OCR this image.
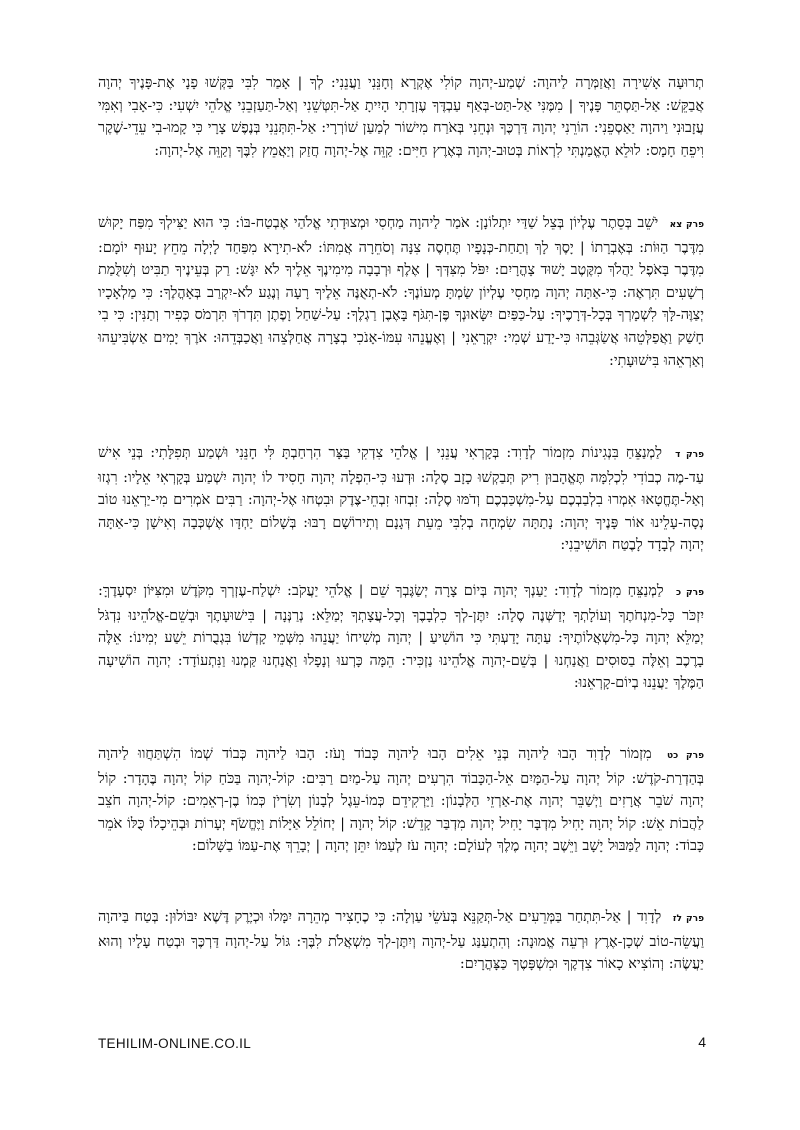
תְרוּעָה אָשִׁירָה וַאֲזַמְּרָה לַיהוָה: שְׁמַע-יְהוָה קוֹלִי אֶקְרָא וְחָנֵּנִי וַעֲנֵנִי: לְךָ | אָמַר לִבִּי בַּקְּשׁוּ פָנָי אֶת-פָּנֶיךָ יְהוָה אֲבַקֵּשׁ: אַל-תַּסְתֵּר פָּנֶיךָ | מִמֶּנִּי אַל-תַּט-בְּאַף עַבְדֶּךָ עֶזְרָתִי הָיִיתָ אַל-תִּטְּשֵׁנִי וְאַל-תַּעַזְבֵנִי אֱלֹהֵי יִשְׁעִי: כִּי-אָבִי וְאִמִּי עֲזָבוּנִי וַיהוָה יַאַסְפֵנִי: הוֹרֵנִי יְהוָה דַּרְכֶּךָ וּנְחֵנִי בְּאֹרַח מִישׁוֹר לְמַעַן שׁוֹרְרָי: אַל-תִּתְּנֵנִי בְּנֶפֶשׁ צָרָי כִּי קָמוּ-בִי עֵדֵי-שֶׁקֶר וִיפֵחַ חָמָס: לוּלֵא הֶאֱמַנְתִּי לִרְאוֹת בְּטוּב-יְהוָה בְּאֶרֶץ חַיִּים: קַוֵּה אֶל-יְהוָה חֲזַק וְיַאֲמֵץ לִבֶּךָ וְקַוֵּה אֶל-יְהוָה:
פרק צא יֹשֵׁב בְּסֵתֶר עֶלְיוֹן בְּצֵל שַׁדַּי יִתְלוֹנָן: אֹמַר לַיהוָה מַחְסִי וּמְצוּדָתִי אֱלֹהַי אֶבְטַח-בּוֹ: כִּי הוּא יַצִּילְךָ מִפַּח יָקוּשׁ מִדֶּבֶר הַוּוֹת: בְּאֶבְרָתוֹ | יָסֶךְ לָךְ וְתַחַת-כְּנָפָיו תֶּחְסֶה צִנָּה וְסֹחֵרָה אֲמִתּוֹ: לֹא-תִירָא מִפַּחַד לָיְלָה מֵחֵץ יָעוּף יוֹמָם: מִדֶּבֶר בָּאֹפֶל יַהֲלֹךְ מִקֶּטֶב יָשׁוּד צָהֳרָיִם: יִפֹּל מִצִּדְּךָ | אֶלֶף וּרְבָבָה מִימִינֶךָ אֵלֶיךָ לֹא יִגָּשׁ: רַק בְּעֵינֶיךָ תַבִּיט וְשִׁלֻּמַת רְשָׁעִים תִּרְאֶה: כִּי-אַתָּה יְהוָה מַחְסִי עֶלְיוֹן שַׂמְתָּ מְעוֹנֶךָ: לֹא-תְאֻנֶּה אֵלֶיךָ רָעָה וְנֶגַע לֹא-יִקְרַב בְּאָהֳלֶךָ: כִּי מַלְאָכָיו יְצַוֶּה-לָּךְ לִשְׁמָרְךָ בְּכָל-דְּרָכֶיךָ: עַל-כַּפַּיִם יִשָּׂאוּנְךָ פֶּן-תִּגֹּף בָּאֶבֶן רַגְלֶךָ: עַל-שַׁחַל וָפֶתֶן תִּדְרֹךְ תִּרְמֹס כְּפִיר וְתַנִּין: כִּי בִי חָשַׁק וַאֲפַלְּטֵהוּ אֲשַׂגְּבֵהוּ כִּי-יָדַע שְׁמִי: יִקְרָאֵנִי | וְאֶעֱנֵהוּ עִמּוֹ-אָנֹכִי בְצָרָה אֲחַלְּצֵהוּ וַאֲכַבְּדֵהוּ: אֹרֶךְ יָמִים אַשְׂבִּיעֵהוּ וְאַרְאֵהוּ בִּישׁוּעָתִי:
פרק ד לַמְנַצֵּחַ בִּנְגִינוֹת מִזְמוֹר לְדָוִד: בְּקָרְאִי עֲנֵנִי | אֱלֹהֵי צִדְקִי בַּצָּר הִרְחַבְתָּ לִּי חָנֵּנִי וּשְׁמַע תְּפִלָּתִי: בְּנֵי אִישׁ עַד-מֶה כְבוֹדִי לִכְלִמָּה תֶּאֱהָבוּן רִיק תְּבַקְשׁוּ כָזָב סֶלָה: וּדְעוּ כִּי-הִפְלָה יְהוָה חָסִיד לוֹ יְהוָה יִשְׁמַע בְּקָרְאִי אֵלָיו: רִגְזוּ וְאַל-תֶּחֱטָאוּ אִמְרוּ בִלְבַבְכֶם עַל-מִשְׁכַּבְכֶם וְדֹמּוּ סֶלָה: זִבְחוּ זִבְחֵי-צֶדֶק וּבִטְחוּ אֶל-יְהוָה: רַבִּים אֹמְרִים מִי-יַרְאֵנוּ טוֹב נְסָה-עָלֵינוּ אוֹר פָּנֶיךָ יְהוָה: נָתַתָּה שִׂמְחָה בְלִבִּי מֵעֵת דְּגָנָם וְתִירוֹשָׁם רָבּוּ: בְּשָׁלוֹם יַחְדָּו אֶשְׁכְּבָה וְאִישָׁן כִּי-אַתָּה יְהוָה לְבָדָד לָבֶטַח תּוֹשִׁיבֵנִי:
פרק כ לַמְנַצֵּחַ מִזְמוֹר לְדָוִד: יַעַנְךָ יְהוָה בְּיוֹם צָרָה יְשַׂגֶּבְךָ שֵׁם | אֱלֹהֵי יַעֲקֹב: יִשְׁלַח-עֶזְרְךָ מִקֹּדֶשׁ וּמִצִּיּוֹן יִסְעָדֶךָּ: יִזְכֹּר כָּל-מִנְחֹתֶךָ וְעוֹלָתְךָ יְדַשְּׁנֶה סֶלָה: יִתֶּן-לְךָ כִלְבָבֶךָ וְכָל-עֲצָתְךָ יְמַלֵּא: נְרַנְּנָה | בִּישׁוּעָתֶךָ וּבְשֵׁם-אֱלֹהֵינוּ נִדְגֹּל יְמַלֵּא יְהוָה כָּל-מִשְׁאֲלוֹתֶיךָ: עַתָּה יָדַעְתִּי כִּי הוֹשִׁיעַ | יְהוָה מְשִׁיחוֹ יַעֲנֵהוּ מִשְּׁמֵי קָדְשׁוֹ בִּגְבֻרוֹת יֵשַׁע יְמִינוֹ: אֵלֶּה בָרֶכֶב וְאֵלֶּה בַסּוּסִים וַאֲנַחְנוּ | בְּשֵׁם-יְהוָה אֱלֹהֵינוּ נַזְכִּיר: הֵמָּה כָּרְעוּ וְנָפָלוּ וַאֲנַחְנוּ קַּמְנוּ וַנִּתְעוֹדָד: יְהוָה הוֹשִׁיעָה הַמֶּלֶךְ יַעֲנֵנוּ בְיוֹם-קָרְאֵנוּ:
פרק כט מִזְמוֹר לְדָוִד הָבוּ לַיהוָה בְּנֵי אֵלִים הָבוּ לַיהוָה כָּבוֹד וָעֹז: הָבוּ לַיהוָה כְּבוֹד שְׁמוֹ הִשְׁתַּחֲווּ לַיהוָה בְּהַדְרַת-קֹדֶשׁ: קוֹל יְהוָה עַל-הַמָּיִם אֵל-הַכָּבוֹד הִרְעִים יְהוָה עַל-מַיִם רַבִּים: קוֹל-יְהוָה בַּכֹּחַ קוֹל יְהוָה בֶּהָדָר: קוֹל יְהוָה שֹׁבֵר אֲרָזִים וַיְשַׁבֵּר יְהוָה אֶת-אַרְזֵי הַלְּבָנוֹן: וַיַּרְקִידֵם כְּמוֹ-עֵגֶל לְבָנוֹן וְשִׂרְיֹן כְּמוֹ בֶן-רְאֵמִים: קוֹל-יְהוָה חֹצֵב לַהֲבוֹת אֵשׁ: קוֹל יְהוָה יָחִיל מִדְבָּר יָחִיל יְהוָה מִדְבַּר קָדֵשׁ: קוֹל יְהוָה | יְחוֹלֵל אַיָּלוֹת וַיֶּחֱשֹׂף יְעָרוֹת וּבְהֵיכָלוֹ כֻּלּוֹ אֹמֵר כָּבוֹד: יְהוָה לַמַּבּוּל יָשָׁב וַיֵּשֶׁב יְהוָה מֶלֶךְ לְעוֹלָם: יְהוָה עֹז לְעַמּוֹ יִתֵּן יְהוָה | יְבָרֵךְ אֶת-עַמּוֹ בַשָּׁלוֹם:
פרק לז לְדָוִד | אַל-תִּתְחַר בַּמְּרֵעִים אַל-תְּקַנֵּא בְּעֹשֵׂי עַוְלָה: כִּי כֶחָצִיר מְהֵרָה יִמָּלוּ וּכְיֶרֶק דֶּשֶׁא יִבּוֹלוּן: בְּטַח בַּיהוָה וַעֲשֵׂה-טוֹב שְׁכָן-אֶרֶץ וּרְעֵה אֱמוּנָה: וְהִתְעַנַּג עַל-יְהוָה וְיִתֶּן-לְךָ מִשְׁאֲלֹת לִבֶּךָ: גּוֹל עַל-יְהוָה דַּרְכֶּךָ וּבְטַח עָלָיו וְהוּא יַעֲשֶׂה: וְהוֹצִיא כָאוֹר צִדְקֶךָ וּמִשְׁפָּטֶךָ כַּצָּהֳרָיִם:
TEHILIM-ONLINE.CO.IL	4
